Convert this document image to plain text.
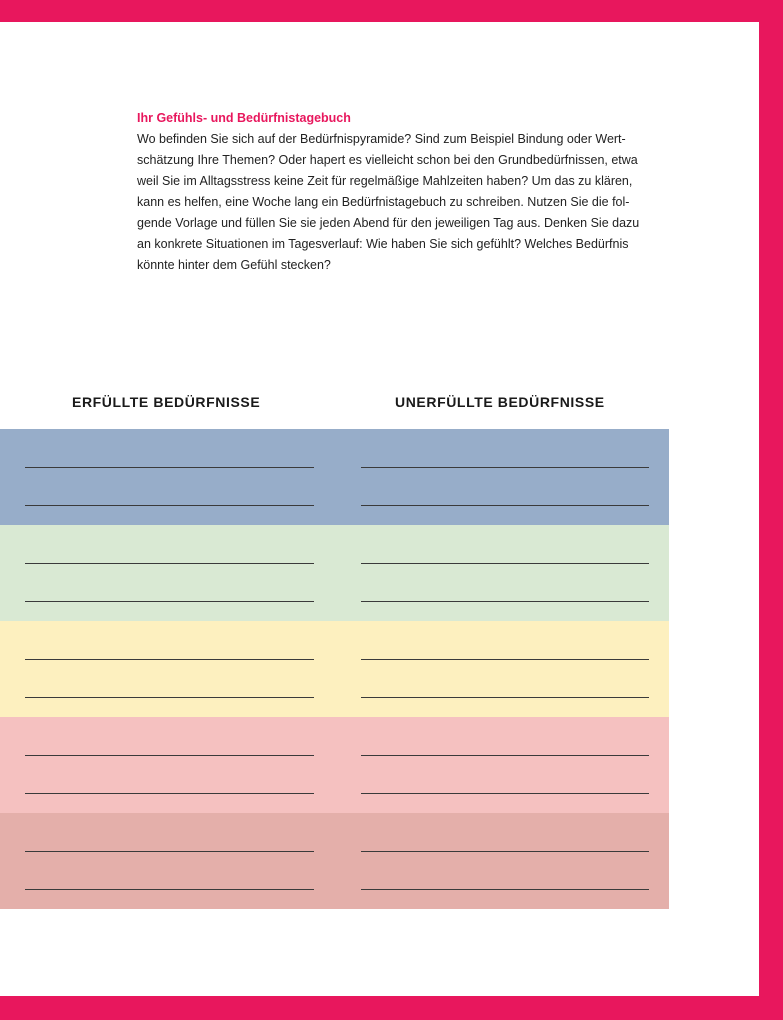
Ihr Gefühls- und Bedürfnistagebuch

Wo befinden Sie sich auf der Bedürfnispyramide? Sind zum Beispiel Bindung oder Wert-
schätzung Ihre Themen? Oder hapert es vielleicht schon bei den Grundbedürfnissen, etwa
weil Sie im Alltagsstress keine Zeit für regelmäßige Mahlzeiten haben? Um das zu klären,
kann es helfen, eine Woche lang ein Bedürfnistagebuch zu schreiben. Nutzen Sie die fol-
gende Vorlage und füllen Sie sie jeden Abend für den jeweiligen Tag aus. Denken Sie dazu
an konkrete Situationen im Tagesverlauf: Wie haben Sie sich gefühlt? Welches Bedürfnis
könnte hinter dem Gefühl stecken?

ERFÜLLTE BEDÜRFNISSE	UNERFÜLLTE BEDÜRFNISSE
